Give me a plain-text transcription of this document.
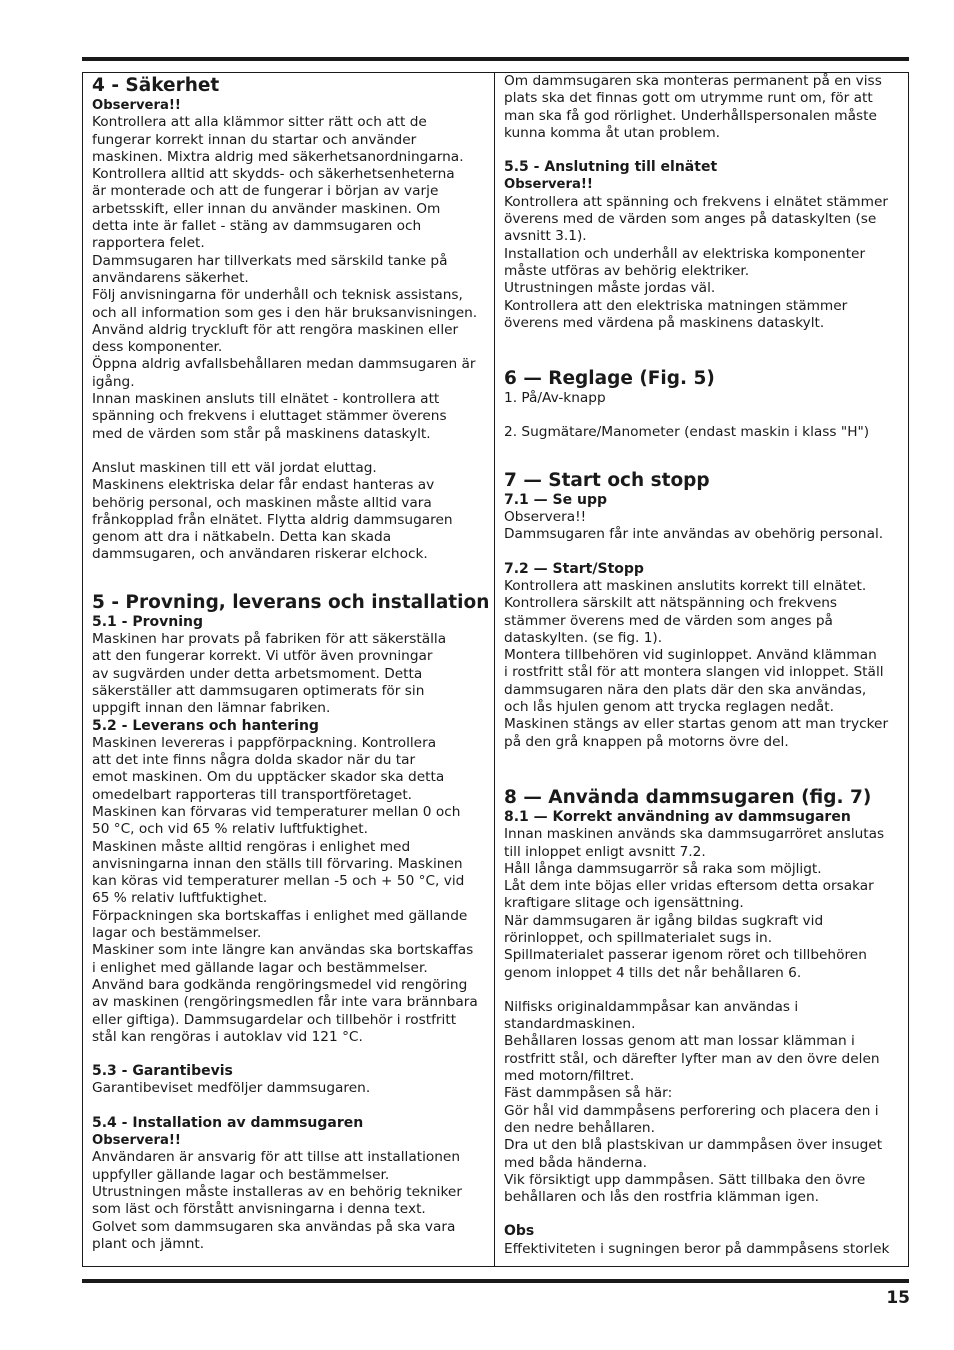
4 - Säkerhet

Observera!!

Kontrollera att alla klämmor sitter rätt och att de
fungerar korrekt innan du startar och använder
maskinen. Mixtra aldrig med säkerhetsanordningarna.
Kontrollera alltid att skydds- och säkerhetsenheterna
är monterade och att de fungerar i början av varje
arbetsskift, eller innan du använder maskinen. Om
detta inte är fallet - stäng av dammsugaren och
rapportera felet.
Dammsugaren har tillverkats med särskild tanke på
användarens säkerhet.
Följ anvisningarna för underhåll och teknisk assistans,
och all information som ges i den här bruksanvisningen.
Använd aldrig tryckluft för att rengöra maskinen eller
dess komponenter.
Öppna aldrig avfallsbehållaren medan dammsugaren är
igång.
Innan maskinen ansluts till elnätet - kontrollera att
spänning och frekvens i eluttaget stämmer överens
med de värden som står på maskinens dataskylt.

Anslut maskinen till ett väl jordat eluttag.
Maskinens elektriska delar får endast hanteras av
behörig personal, och maskinen måste alltid vara
frånkopplad från elnätet. Flytta aldrig dammsugaren
genom att dra i nätkabeln. Detta kan skada
dammsugaren, och användaren riskerar elchock.

5 - Provning, leverans och installation

5.1 - Provning

Maskinen har provats på fabriken för att säkerställa
att den fungerar korrekt. Vi utför även provningar
av sugvärden under detta arbetsmoment. Detta
säkerställer att dammsugaren optimerats för sin
uppgift innan den lämnar fabriken.

5.2 - Leverans och hantering

Maskinen levereras i pappförpackning. Kontrollera
att det inte finns några dolda skador när du tar
emot maskinen. Om du upptäcker skador ska detta
omedelbart rapporteras till transportföretaget.
Maskinen kan förvaras vid temperaturer mellan 0 och
50 °C, och vid 65 % relativ luftfuktighet.
Maskinen måste alltid rengöras i enlighet med
anvisningarna innan den ställs till förvaring. Maskinen
kan köras vid temperaturer mellan -5 och + 50 °C, vid
65 % relativ luftfuktighet.
Förpackningen ska bortskaffas i enlighet med gällande
lagar och bestämmelser.
Maskiner som inte längre kan användas ska bortskaffas
i enlighet med gällande lagar och bestämmelser.
Använd bara godkända rengöringsmedel vid rengöring
av maskinen (rengöringsmedlen får inte vara brännbara
eller giftiga). Dammsugardelar och tillbehör i rostfritt
stål kan rengöras i autoklav vid 121 °C.

5.3 - Garantibevis

Garantibeviset medföljer dammsugaren.

5.4 - Installation av dammsugaren

Observera!!

Användaren är ansvarig för att tillse att installationen
uppfyller gällande lagar och bestämmelser.
Utrustningen måste installeras av en behörig tekniker
som läst och förstått anvisningarna i denna text.
Golvet som dammsugaren ska användas på ska vara
plant och jämnt.

Om dammsugaren ska monteras permanent på en viss
plats ska det finnas gott om utrymme runt om, för att
man ska få god rörlighet. Underhållspersonalen måste
kunna komma åt utan problem.

5.5 - Anslutning till elnätet

Observera!!

Kontrollera att spänning och frekvens i elnätet stämmer
överens med de värden som anges på dataskylten (se
avsnitt 3.1).
Installation och underhåll av elektriska komponenter
måste utföras av behörig elektriker.
Utrustningen måste jordas väl.
Kontrollera att den elektriska matningen stämmer
överens med värdena på maskinens dataskylt.

6 — Reglage (Fig. 5)

1. På/Av-knapp

2. Sugmätare/Manometer (endast maskin i klass "H")

7 — Start och stopp

7.1 — Se upp

Observera!!
Dammsugaren får inte användas av obehörig personal.

7.2 — Start/Stopp

Kontrollera att maskinen anslutits korrekt till elnätet.
Kontrollera särskilt att nätspänning och frekvens
stämmer överens med de värden som anges på
dataskylten. (se fig. 1).
Montera tillbehören vid suginloppet. Använd klämman
i rostfritt stål för att montera slangen vid inloppet. Ställ
dammsugaren nära den plats där den ska användas,
och lås hjulen genom att trycka reglagen nedåt.
Maskinen stängs av eller startas genom att man trycker
på den grå knappen på motorns övre del.

8 — Använda dammsugaren (fig. 7)

8.1 — Korrekt användning av dammsugaren

Innan maskinen används ska dammsugarröret anslutas
till inloppet enligt avsnitt 7.2.
Håll långa dammsugarrör så raka som möjligt.
Låt dem inte böjas eller vridas eftersom detta orsakar
kraftigare slitage och igensättning.
När dammsugaren är igång bildas sugkraft vid
rörinloppet, och spillmaterialet sugs in.
Spillmaterialet passerar igenom röret och tillbehören
genom inloppet 4 tills det når behållaren 6.

Nilfisks originaldammpåsar kan användas i
standardmaskinen.
Behållaren lossas genom att man lossar klämman i
rostfritt stål, och därefter lyfter man av den övre delen
med motorn/filtret.
Fäst dammpåsen så här:
Gör hål vid dammpåsens perforering och placera den i
den nedre behållaren.
Dra ut den blå plastskivan ur dammpåsen över insuget
med båda händerna.
Vik försiktigt upp dammpåsen. Sätt tillbaka den övre
behållaren och lås den rostfria klämman igen.

Obs

Effektiviteten i sugningen beror på dammpåsens storlek

15
